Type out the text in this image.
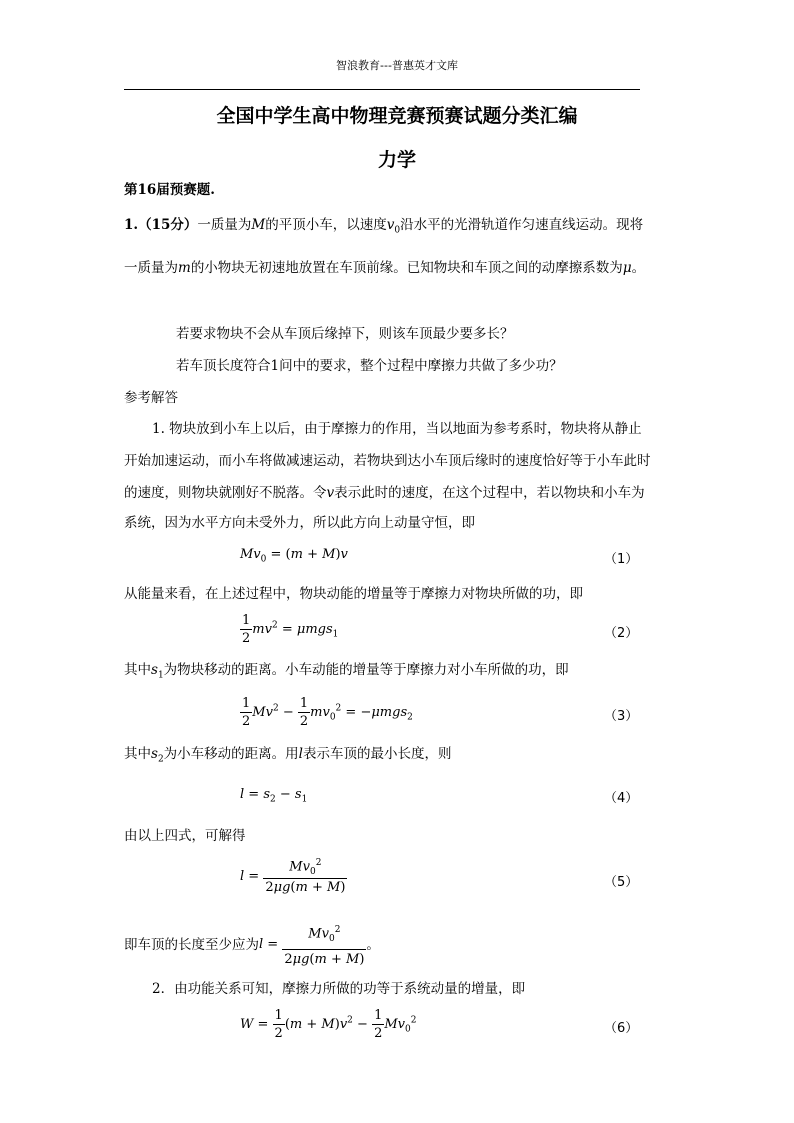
智浪教育---普惠英才文库
全国中学生高中物理竞赛预赛试题分类汇编
力学
第16届预赛题.
1.（15分）一质量为M的平顶小车，以速度$v_0$沿水平的光滑轨道作匀速直线运动。现将
一质量为m的小物块无初速地放置在车顶前缘。已知物块和车顶之间的动摩擦系数为μ。
若要求物块不会从车顶后缘掉下，则该车顶最少要多长？
若车顶长度符合1问中的要求，整个过程中摩擦力共做了多少功？
参考解答
1. 物块放到小车上以后，由于摩擦力的作用，当以地面为参考系时，物块将从静止
开始加速运动，而小车将做减速运动，若物块到达小车顶后缘时的速度恰好等于小车此时
的速度，则物块就刚好不脱落。令v表示此时的速度，在这个过程中，若以物块和小车为
系统，因为水平方向未受外力，所以此方向上动量守恒，即
$Mv_0 = (m + M)v$	（1）
从能量来看，在上述过程中，物块动能的增量等于摩擦力对物块所做的功，即
$\frac{1}{2} mv^2 = \mu mgs_1$	（2）
其中$s_1$为物块移动的距离。小车动能的增量等于摩擦力对小车所做的功，即
$\frac{1}{2} Mv^2 - \frac{1}{2} mv_0^2 = -\mu mgs_2$	（3）
其中$s_2$为小车移动的距离。用l表示车顶的最小长度，则
$l = s_2 - s_1$	（4）
由以上四式，可解得
$l = \frac{Mv_0^2}{2\mu g(m + M)}$	（5）
即车顶的长度至少应为$l = \frac{Mv_0^2}{2\mu g(m + M)}$ 。
2．由功能关系可知，摩擦力所做的功等于系统动量的增量，即
$W = \frac{1}{2} (m + M)v^2 - \frac{1}{2} Mv_0^2$
（6）
